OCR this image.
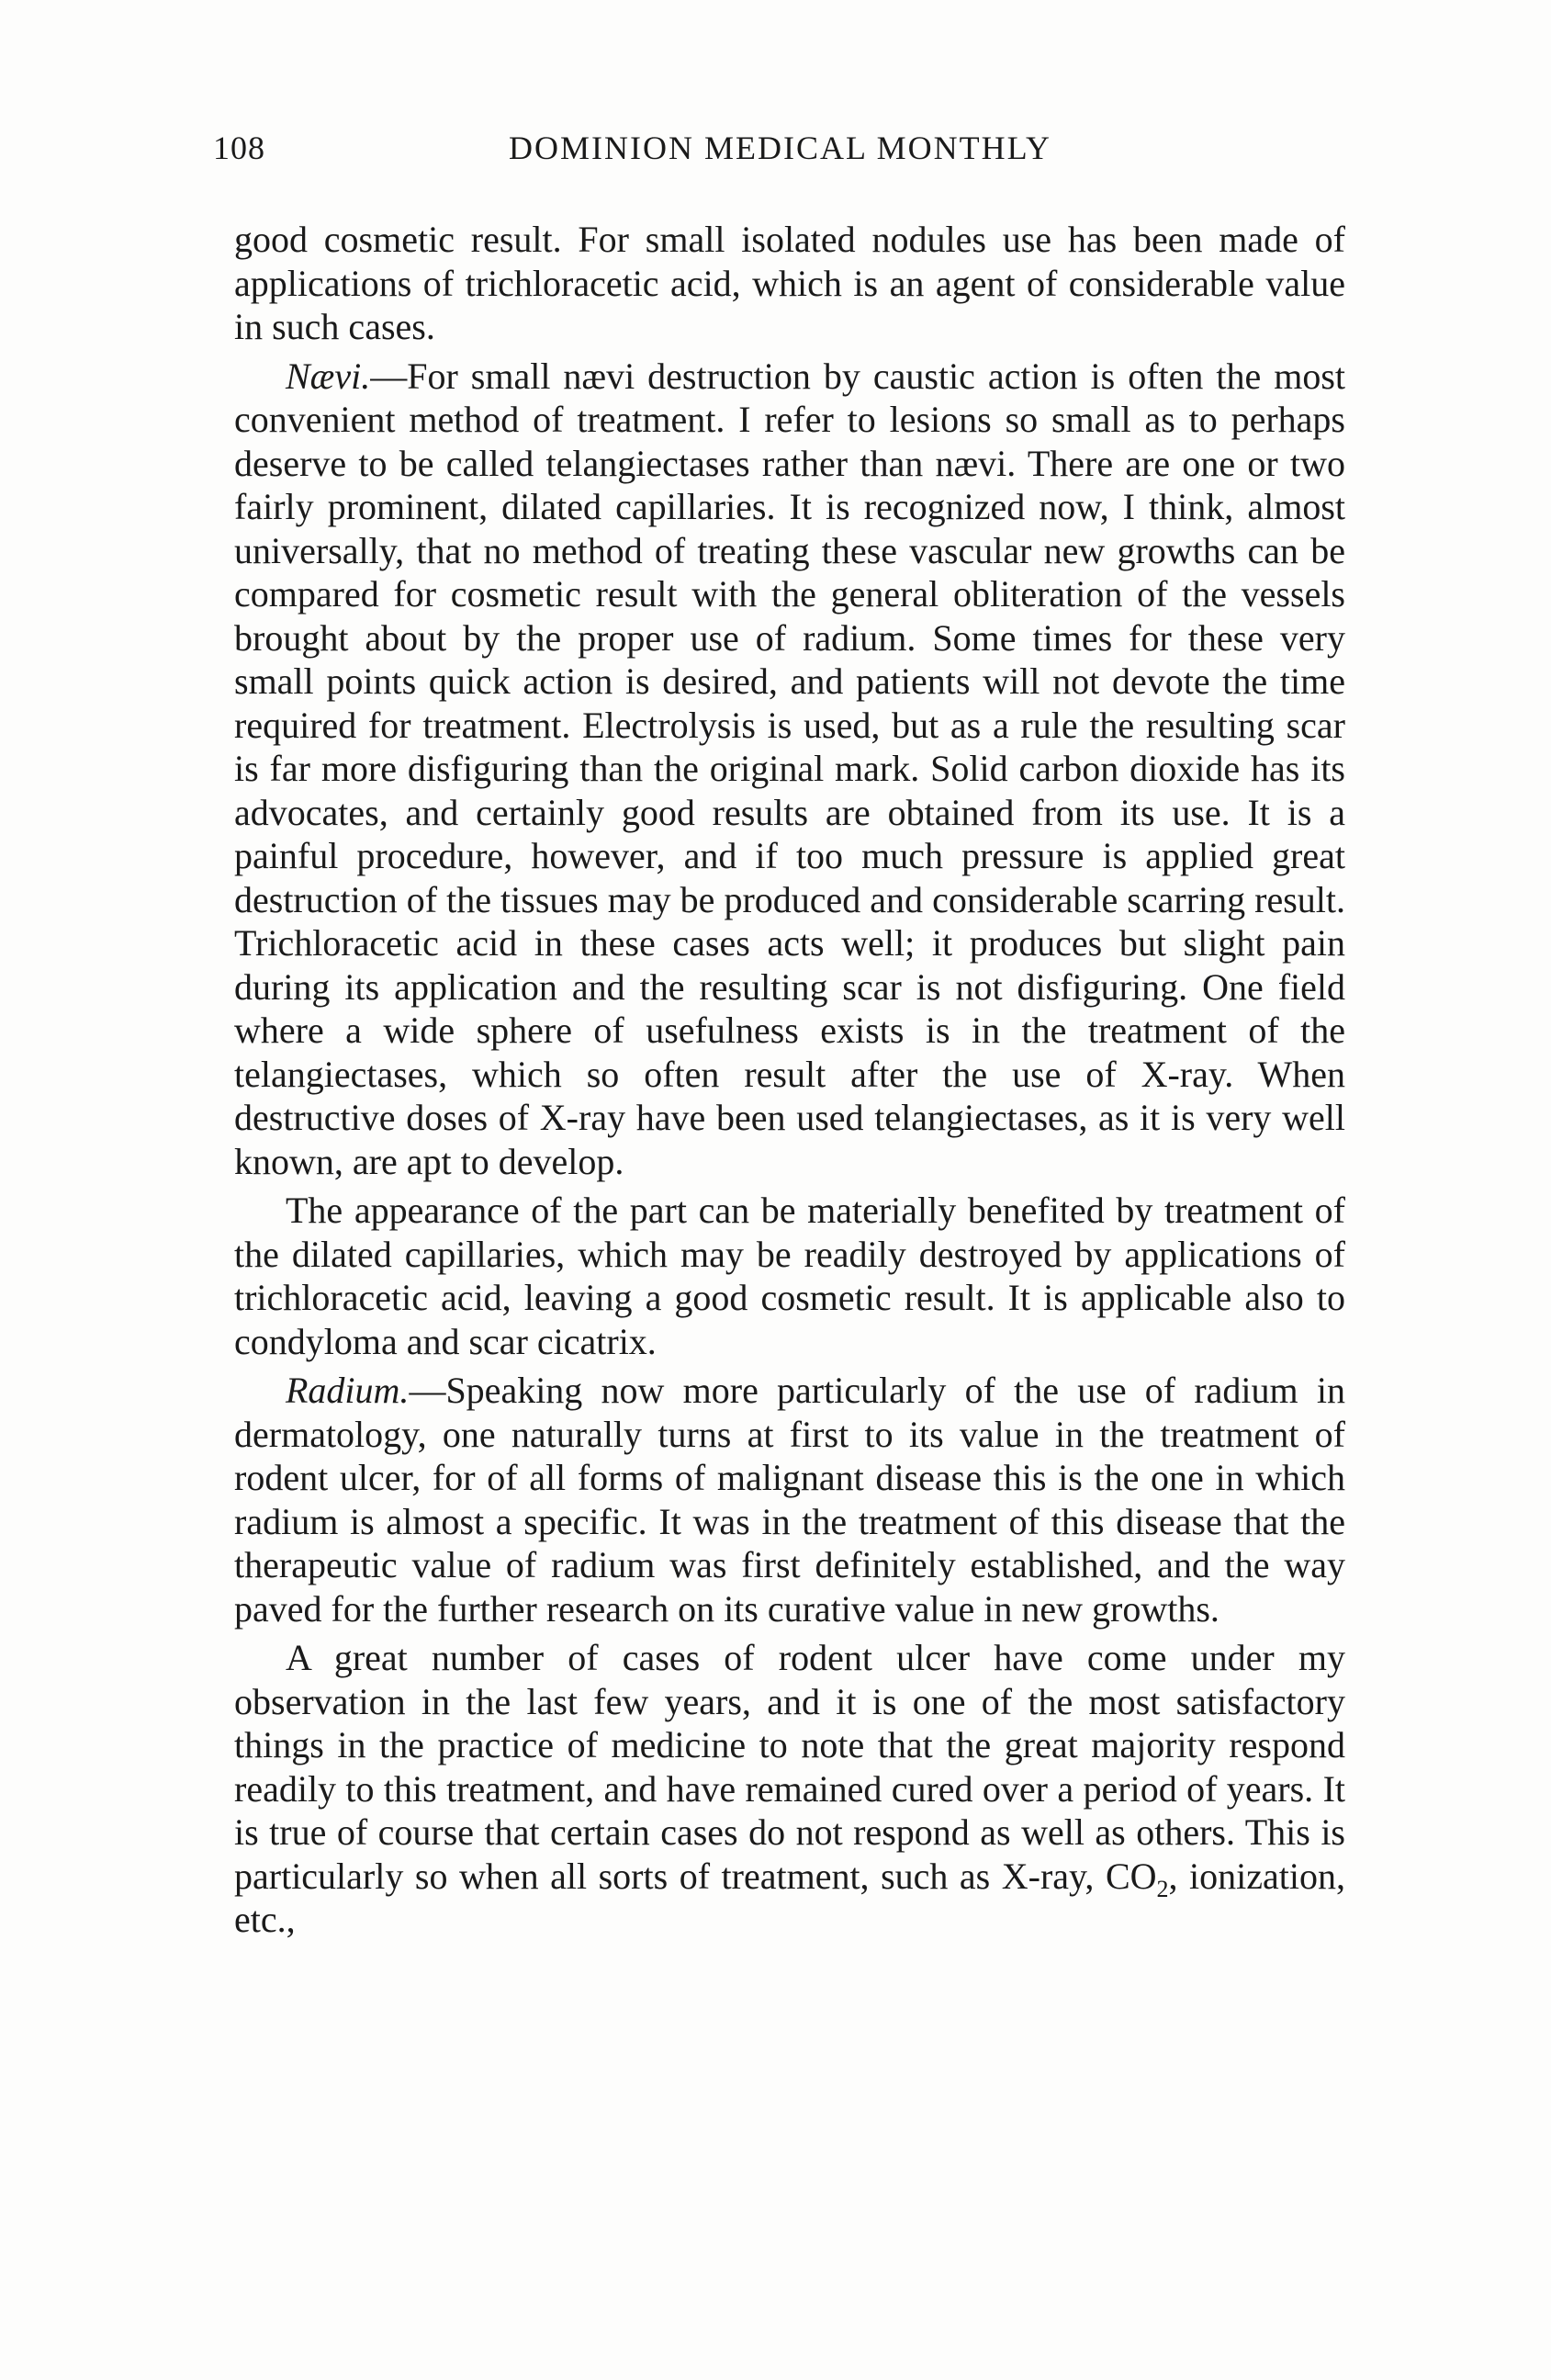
108	DOMINION MEDICAL MONTHLY

good cosmetic result. For small isolated nodules use has been made of applications of trichloracetic acid, which is an agent of considerable value in such cases.

Nævi.—For small nævi destruction by caustic action is often the most convenient method of treatment. I refer to lesions so small as to perhaps deserve to be called telangiectases rather than nævi. There are one or two fairly prominent, dilated capillaries. It is recognized now, I think, almost universally, that no method of treating these vascular new growths can be compared for cosmetic result with the general obliteration of the vessels brought about by the proper use of radium. Some times for these very small points quick action is desired, and patients will not devote the time required for treatment. Electrolysis is used, but as a rule the resulting scar is far more disfiguring than the original mark. Solid carbon dioxide has its advocates, and certainly good results are obtained from its use. It is a painful procedure, however, and if too much pressure is applied great destruction of the tissues may be produced and considerable scarring result. Trichloracetic acid in these cases acts well; it produces but slight pain during its application and the resulting scar is not disfiguring. One field where a wide sphere of usefulness exists is in the treatment of the telangiectases, which so often result after the use of X-ray. When destructive doses of X-ray have been used telangiectases, as it is very well known, are apt to develop.

The appearance of the part can be materially benefited by treatment of the dilated capillaries, which may be readily destroyed by applications of trichloracetic acid, leaving a good cosmetic result. It is applicable also to condyloma and scar cicatrix.

Radium.—Speaking now more particularly of the use of radium in dermatology, one naturally turns at first to its value in the treatment of rodent ulcer, for of all forms of malignant disease this is the one in which radium is almost a specific. It was in the treatment of this disease that the therapeutic value of radium was first definitely established, and the way paved for the further research on its curative value in new growths.

A great number of cases of rodent ulcer have come under my observation in the last few years, and it is one of the most satisfactory things in the practice of medicine to note that the great majority respond readily to this treatment, and have remained cured over a period of years. It is true of course that certain cases do not respond as well as others. This is particularly so when all sorts of treatment, such as X-ray, $CO_2$, ionization, etc.,
